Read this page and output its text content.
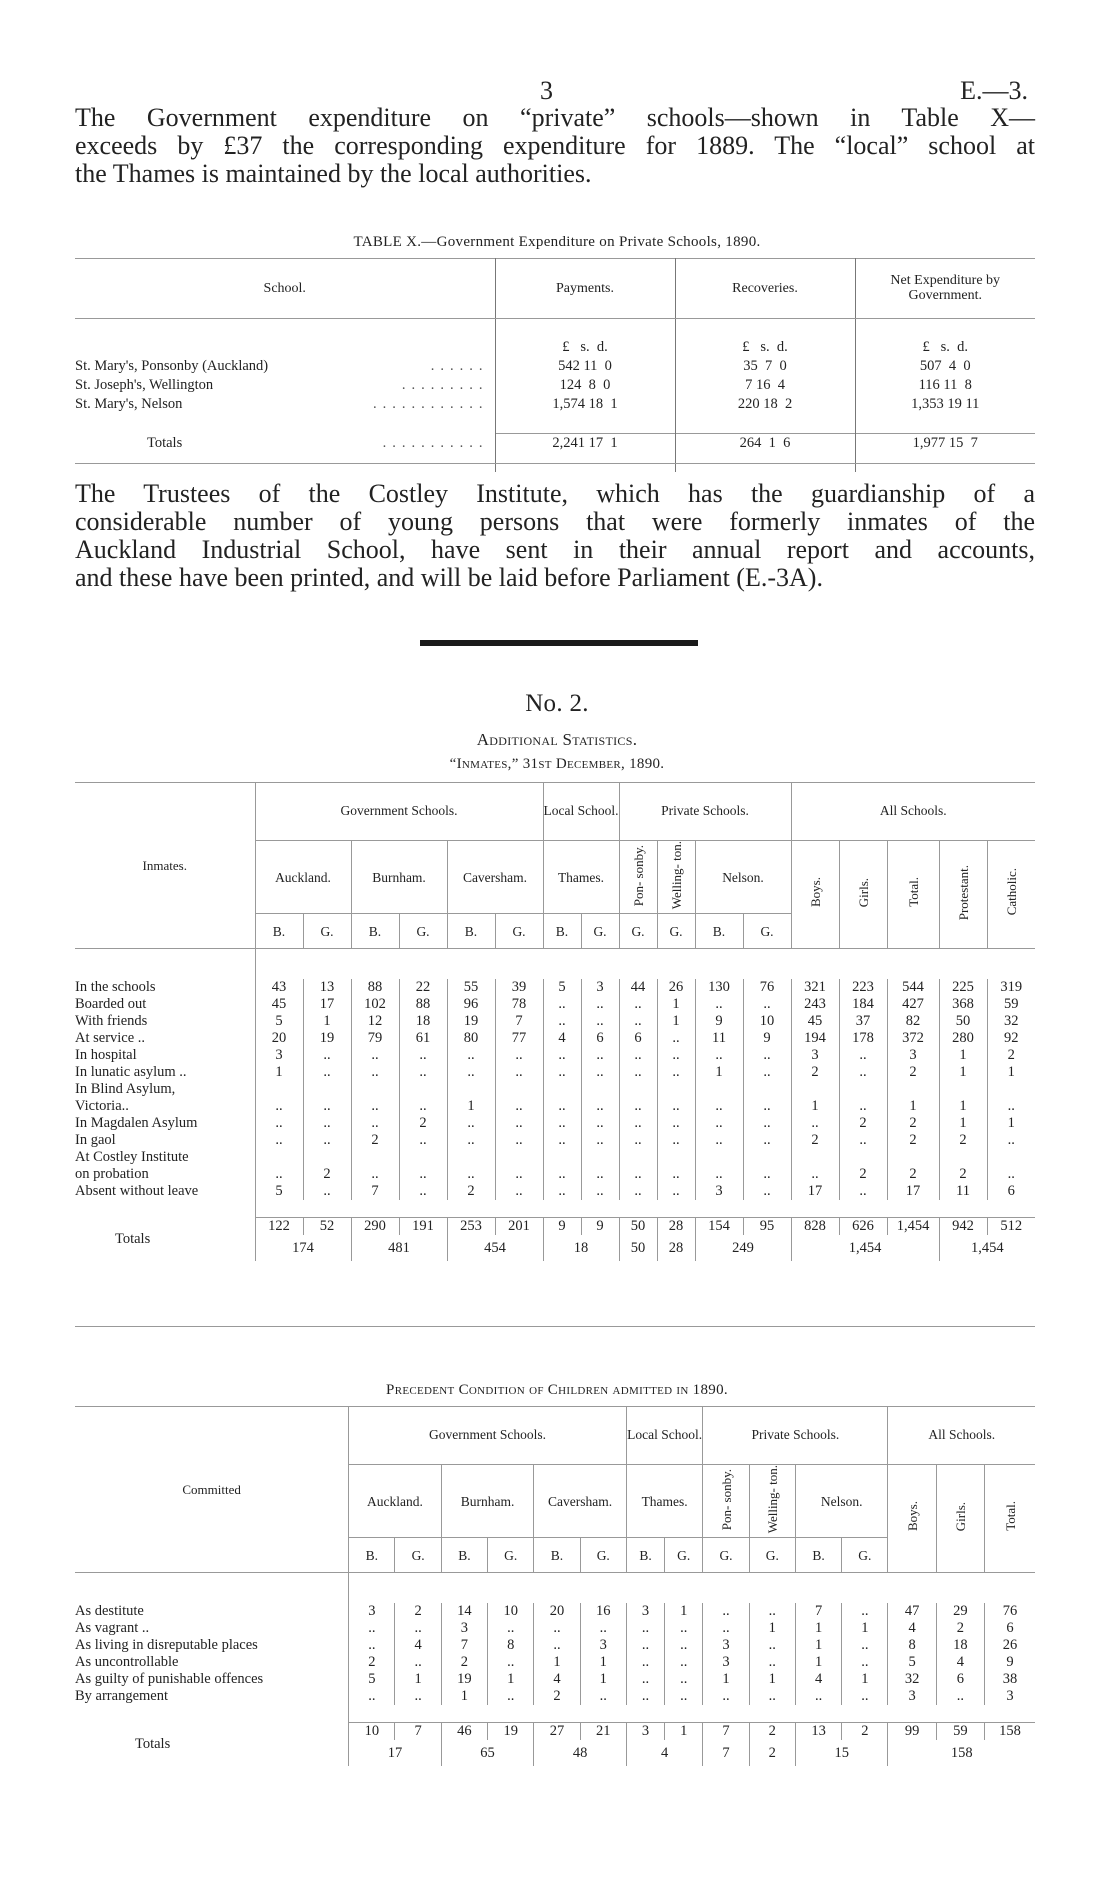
3	E.—3.
The Government expenditure on “private” schools—shown in Table X—
exceeds by £37 the corresponding expenditure for 1889. The “local” school at
the Thames is maintained by the local authorities.
TABLE X.—Government Expenditure on Private Schools, 1890.
School.	Payments.	Recoveries.	Net Expenditure by Government.

	£   s.  d.	£   s.  d.	£   s.  d.
St. Mary's, Ponsonby (Auckland) ......	542 11  0	35  7  0	507  4  0
St. Joseph's, Wellington .........	124  8  0	7 16  4	116 11  8
St. Mary's, Nelson ............	1,574 18  1	220 18  2	1,353 19 11

Totals ...........	2,241 17  1	264  1  6	1,977 15  7

The Trustees of the Costley Institute, which has the guardianship of a
considerable number of young persons that were formerly inmates of the
Auckland Industrial School, have sent in their annual report and accounts,
and these have been printed, and will be laid before Parliament (E.-3A).
No. 2.
Additional Statistics.
“Inmates,” 31st December, 1890.
Inmates.	Government Schools.						Local School.		Private Schools.				All Schools.				
	Auckland.		Burnham.		Caversham.		Thames.		Pon- sonby.	Welling- ton.	Nelson.		Boys.	Girls.	Total.	Protestant.	Catholic.
	B.	G.	B.	G.	B.	G.	B.	G.	G.	G.	B.	G.					

In the schools	43	13	88	22	55	39	5	3	44	26	130	76	321	223	544	225	319
Boarded out	45	17	102	88	96	78	..	..	..	1	..	..	243	184	427	368	59
With friends	5	1	12	18	19	7	..	..	..	1	9	10	45	37	82	50	32
At service ..	20	19	79	61	80	77	4	6	6	..	11	9	194	178	372	280	92
In hospital	3	..	..	..	..	..	..	..	..	..	..	..	3	..	3	1	2
In lunatic asylum ..	1	..	..	..	..	..	..	..	..	..	1	..	2	..	2	1	1
In Blind Asylum,																	
Victoria..	..	..	..	..	1	..	..	..	..	..	..	..	1	..	1	1	..
In Magdalen Asylum	..	..	..	2	..	..	..	..	..	..	..	..	..	2	2	1	1
In gaol	..	..	2	..	..	..	..	..	..	..	..	..	2	..	2	2	..
At Costley Institute																	
on probation	..	2	..	..	..	..	..	..	..	..	..	..	..	2	2	2	..
Absent without leave	5	..	7	..	2	..	..	..	..	..	3	..	17	..	17	11	6

Totals	122	52	290	191	253	201	9	9	50	28	154	95	828	626	1,454	942	512
	174		481		454		18		50	28	249		1,454			1,454	
Precedent Condition of Children admitted in 1890.
Committed	Government Schools.						Local School.		Private Schools.				All Schools.		
	Auckland.		Burnham.		Caversham.		Thames.		Pon- sonby.	Welling- ton.	Nelson.		Boys.	Girls.	Total.
	B.	G.	B.	G.	B.	G.	B.	G.	G.	G.	B.	G.			

As destitute	3	2	14	10	20	16	3	1	..	..	7	..	47	29	76
As vagrant ..	..	..	3	..	..	..	..	..	..	1	1	1	4	2	6
As living in disreputable places	..	4	7	8	..	3	..	..	3	..	1	..	8	18	26
As uncontrollable	2	..	2	..	1	1	..	..	3	..	1	..	5	4	9
As guilty of punishable offences	5	1	19	1	4	1	..	..	1	1	4	1	32	6	38
By arrangement	..	..	1	..	2	..	..	..	..	..	..	..	3	..	3

Totals	10	7	46	19	27	21	3	1	7	2	13	2	99	59	158
	17		65		48		4		7	2	15		158		
